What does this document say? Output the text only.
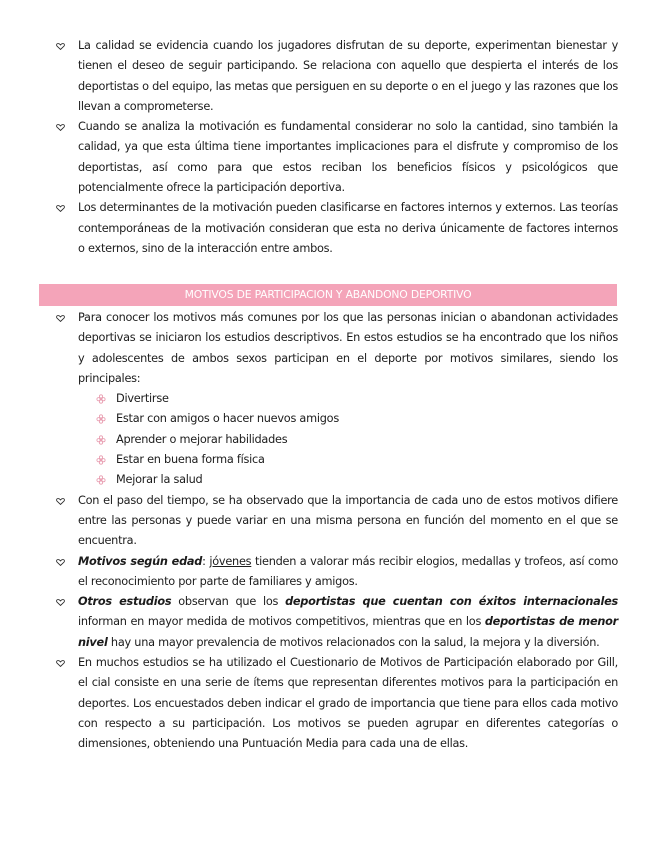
La calidad se evidencia cuando los jugadores disfrutan de su deporte, experimentan bienestar y tienen el deseo de seguir participando. Se relaciona con aquello que despierta el interés de los deportistas o del equipo, las metas que persiguen en su deporte o en el juego y las razones que los llevan a comprometerse.
Cuando se analiza la motivación es fundamental considerar no solo la cantidad, sino también la calidad, ya que esta última tiene importantes implicaciones para el disfrute y compromiso de los deportistas, así como para que estos reciban los beneficios físicos y psicológicos que potencialmente ofrece la participación deportiva.
Los determinantes de la motivación pueden clasificarse en factores internos y externos. Las teorías contemporáneas de la motivación consideran que esta no deriva únicamente de factores internos o externos, sino de la interacción entre ambos.
MOTIVOS DE PARTICIPACION Y ABANDONO DEPORTIVO
Para conocer los motivos más comunes por los que las personas inician o abandonan actividades deportivas se iniciaron los estudios descriptivos. En estos estudios se ha encontrado que los niños y adolescentes de ambos sexos participan en el deporte por motivos similares, siendo los principales:
Divertirse
Estar con amigos o hacer nuevos amigos
Aprender o mejorar habilidades
Estar en buena forma física
Mejorar la salud
Con el paso del tiempo, se ha observado que la importancia de cada uno de estos motivos difiere entre las personas y puede variar en una misma persona en función del momento en el que se encuentra.
Motivos según edad: jóvenes tienden a valorar más recibir elogios, medallas y trofeos, así como el reconocimiento por parte de familiares y amigos.
Otros estudios observan que los deportistas que cuentan con éxitos internacionales informan en mayor medida de motivos competitivos, mientras que en los deportistas de menor nivel hay una mayor prevalencia de motivos relacionados con la salud, la mejora y la diversión.
En muchos estudios se ha utilizado el Cuestionario de Motivos de Participación elaborado por Gill, el cial consiste en una serie de ítems que representan diferentes motivos para la participación en deportes. Los encuestados deben indicar el grado de importancia que tiene para ellos cada motivo con respecto a su participación. Los motivos se pueden agrupar en diferentes categorías o dimensiones, obteniendo una Puntuación Media para cada una de ellas.
